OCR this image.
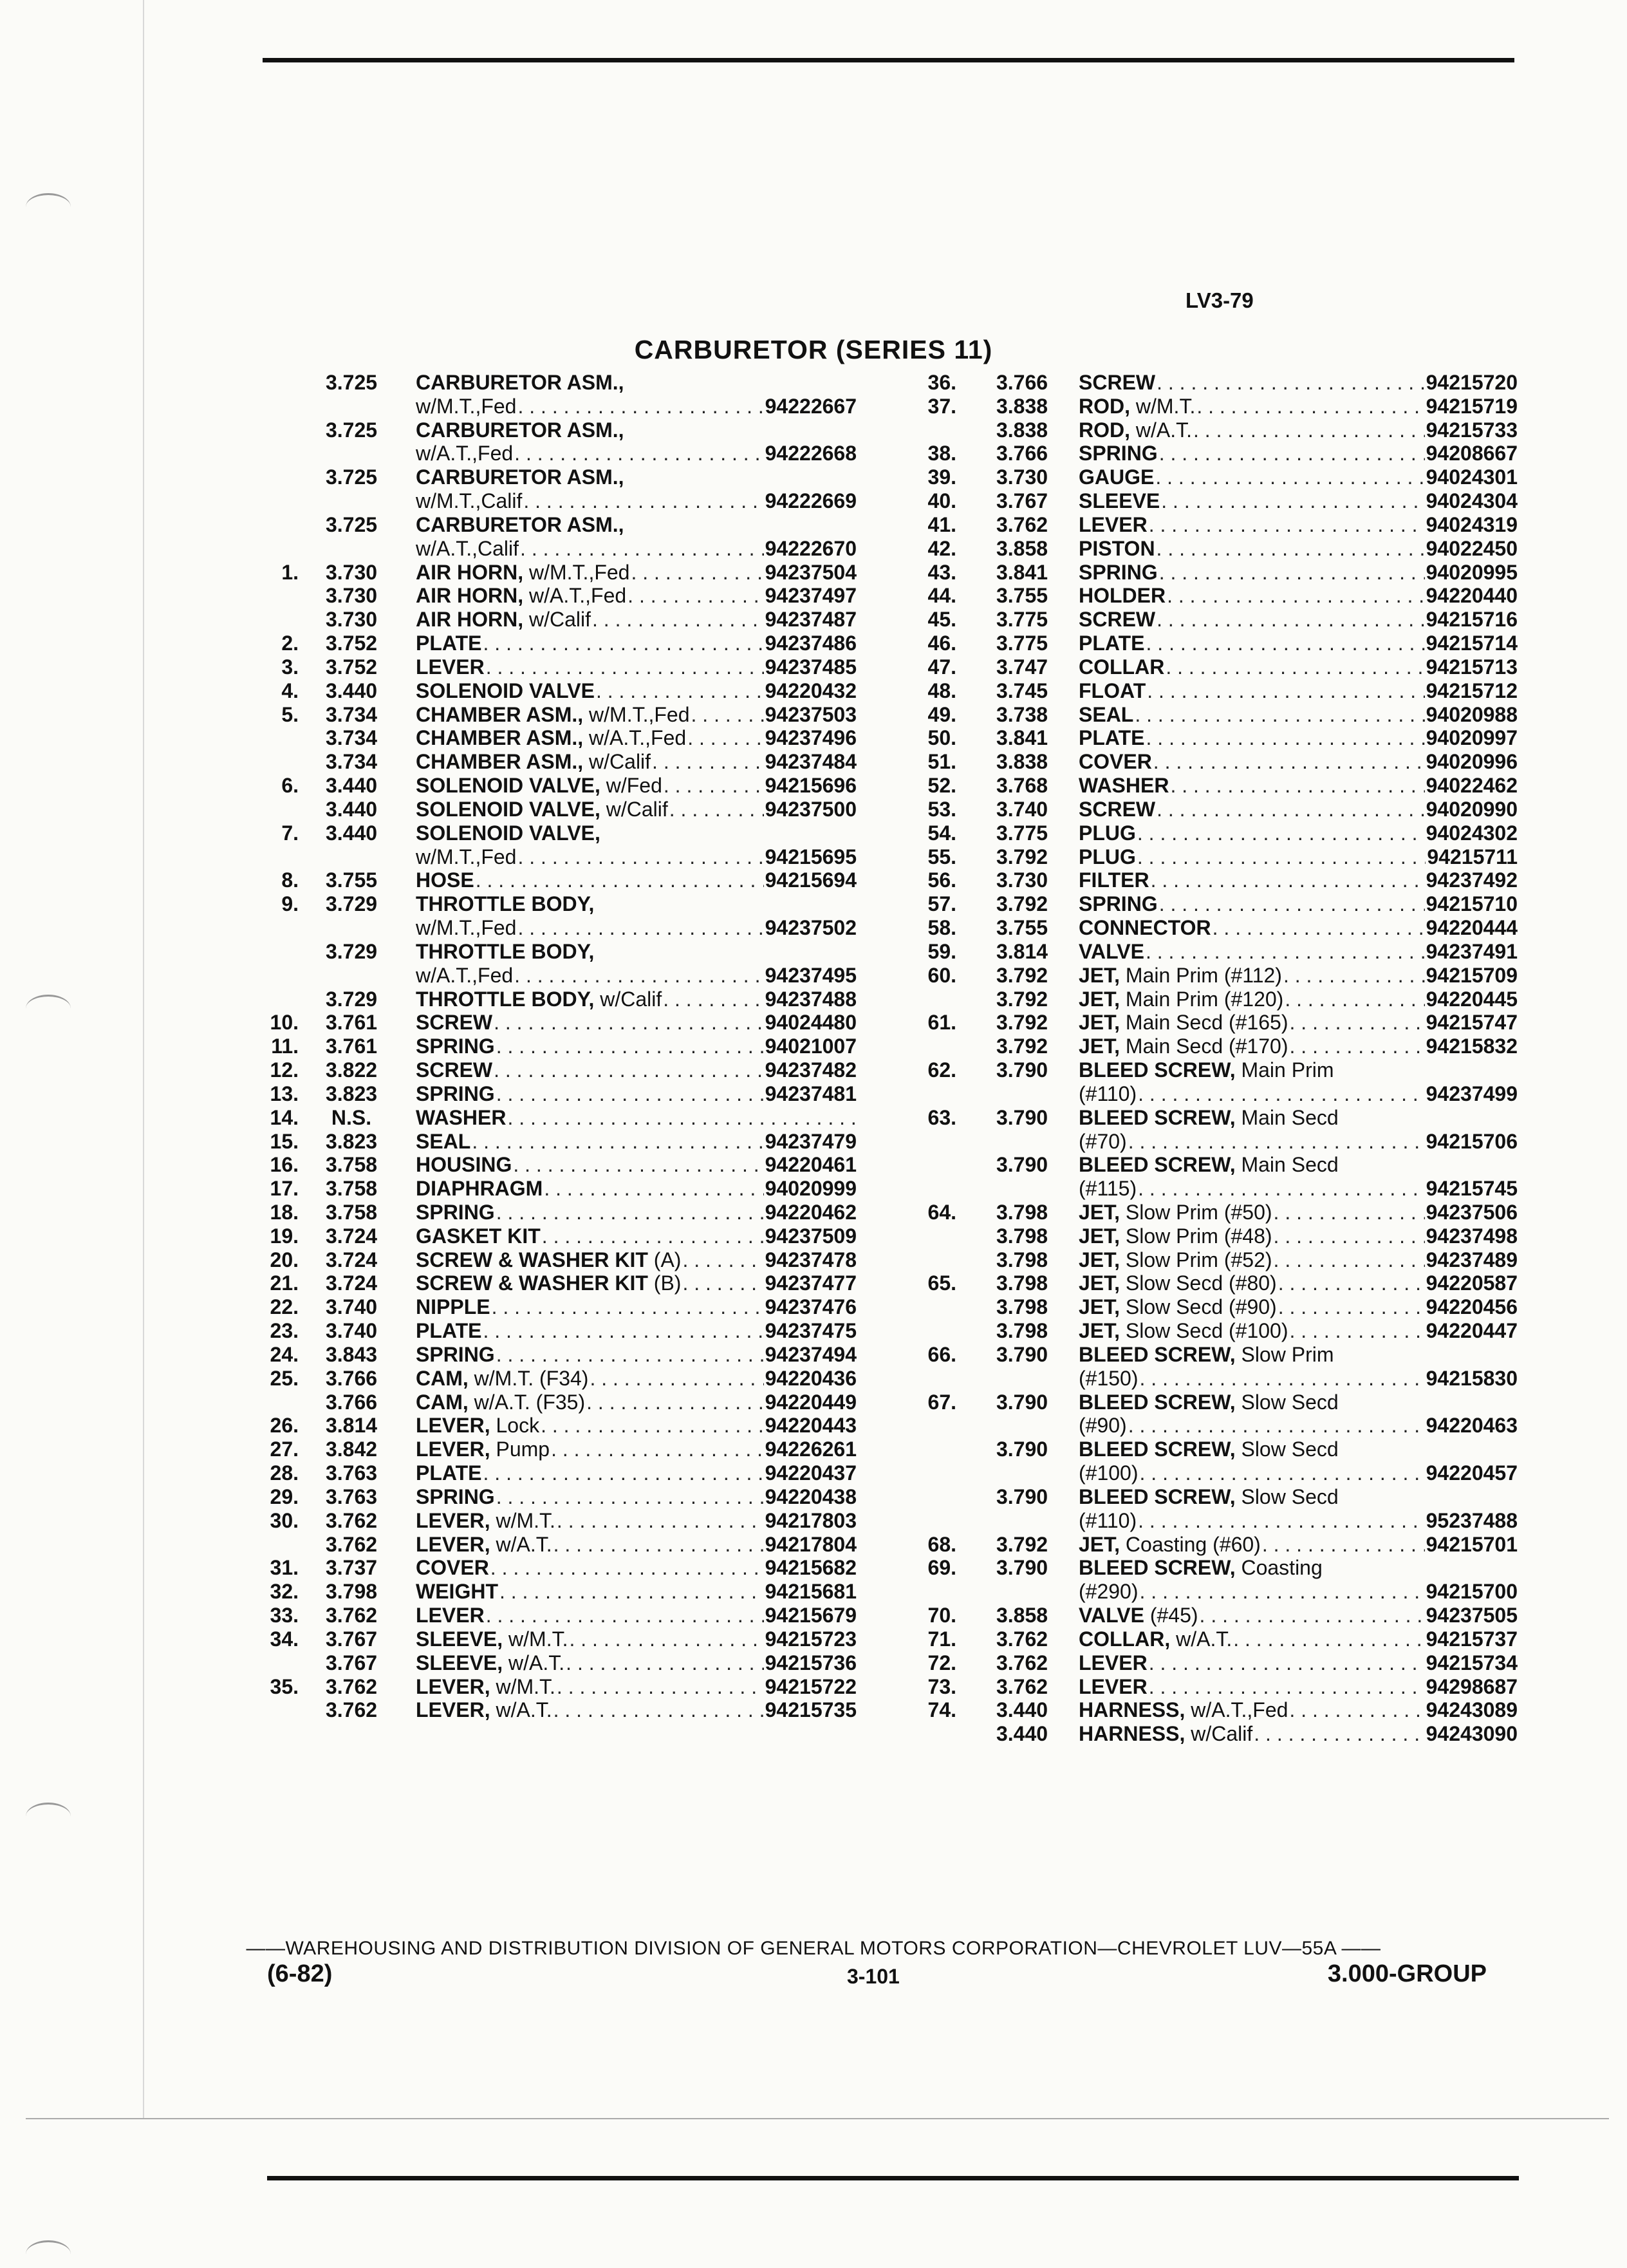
LV3-79
CARBURETOR (SERIES 11)
3.725	CARBURETOR ASM.,
w/M.T.,Fed . . .	94222667
3.725	CARBURETOR ASM.,
w/A.T.,Fed . . .	94222668
3.725	CARBURETOR ASM.,
w/M.T.,Calif . . .	94222669
3.725	CARBURETOR ASM.,
w/A.T.,Calif . . .	94222670
1.	3.730	AIR HORN, w/M.T.,Fed . . .	94237504
3.730	AIR HORN, w/A.T.,Fed . . .	94237497
3.730	AIR HORN, w/Calif . . .	94237487
2.	3.752	PLATE . . .	94237486
3.	3.752	LEVER . . .	94237485
4.	3.440	SOLENOID VALVE . . .	94220432
5.	3.734	CHAMBER ASM., w/M.T.,Fed . . .	94237503
3.734	CHAMBER ASM., w/A.T.,Fed . . .	94237496
3.734	CHAMBER ASM., w/Calif . . .	94237484
6.	3.440	SOLENOID VALVE, w/Fed . . .	94215696
3.440	SOLENOID VALVE, w/Calif . . .	94237500
7.	3.440	SOLENOID VALVE,
w/M.T.,Fed . . .	94215695
8.	3.755	HOSE . . .	94215694
9.	3.729	THROTTLE BODY,
w/M.T.,Fed . . .	94237502
3.729	THROTTLE BODY,
w/A.T.,Fed . . .	94237495
3.729	THROTTLE BODY, w/Calif . . .	94237488
10.	3.761	SCREW . . .	94024480
11.	3.761	SPRING . . .	94021007
12.	3.822	SCREW . . .	94237482
13.	3.823	SPRING . . .	94237481
14.	N.S.	WASHER
. . .
15.	3.823	SEAL . . .	94237479
16.	3.758	HOUSING . . .	94220461
17.	3.758	DIAPHRAGM . . .	94020999
18.	3.758	SPRING . . .	94220462
19.	3.724	GASKET KIT . . .	94237509
20.	3.724	SCREW & WASHER KIT (A) . . .	94237478
21.	3.724	SCREW & WASHER KIT (B) . . .	94237477
22.	3.740	NIPPLE . . .	94237476
23.	3.740	PLATE . . .	94237475
24.	3.843	SPRING . . .	94237494
25.	3.766	CAM, w/M.T. (F34) . . .	94220436
3.766	CAM, w/A.T. (F35) . . .	94220449
26.	3.814	LEVER, Lock . . .	94220443
27.	3.842	LEVER, Pump . . .	94226261
28.	3.763	PLATE . . .	94220437
29.	3.763	SPRING . . .	94220438
30.	3.762	LEVER, w/M.T. . . .	94217803
3.762	LEVER, w/A.T. . . .	94217804
31.	3.737	COVER . . .	94215682
32.	3.798	WEIGHT . . .	94215681
33.	3.762	LEVER . . .	94215679
34.	3.767	SLEEVE, w/M.T. . . .	94215723
3.767	SLEEVE, w/A.T. . . .	94215736
35.	3.762	LEVER, w/M.T. . . .	94215722
3.762	LEVER, w/A.T. . . .	94215735
36.	3.766	SCREW . . .	94215720
37.	3.838	ROD, w/M.T. . . .	94215719
3.838	ROD, w/A.T. . . .	94215733
38.	3.766	SPRING . . .	94208667
39.	3.730	GAUGE . . .	94024301
40.	3.767	SLEEVE . . .	94024304
41.	3.762	LEVER . . .	94024319
42.	3.858	PISTON . . .	94022450
43.	3.841	SPRING . . .	94020995
44.	3.755	HOLDER . . .	94220440
45.	3.775	SCREW . . .	94215716
46.	3.775	PLATE . . .	94215714
47.	3.747	COLLAR . . .	94215713
48.	3.745	FLOAT . . .	94215712
49.	3.738	SEAL . . .	94020988
50.	3.841	PLATE . . .	94020997
51.	3.838	COVER . . .	94020996
52.	3.768	WASHER . . .	94022462
53.	3.740	SCREW . . .	94020990
54.	3.775	PLUG . . .	94024302
55.	3.792	PLUG . . .	94215711
56.	3.730	FILTER . . .	94237492
57.	3.792	SPRING . . .	94215710
58.	3.755	CONNECTOR . . .	94220444
59.	3.814	VALVE . . .	94237491
60.	3.792	JET, Main Prim (#112) . . .	94215709
3.792	JET, Main Prim (#120) . . .	94220445
61.	3.792	JET, Main Secd (#165) . . .	94215747
3.792	JET, Main Secd (#170) . . .	94215832
62.	3.790	BLEED SCREW, Main Prim
(#110) . . .	94237499
63.	3.790	BLEED SCREW, Main Secd
(#70) . . .	94215706
3.790	BLEED SCREW, Main Secd
(#115) . . .	94215745
64.	3.798	JET, Slow Prim (#50) . . .	94237506
3.798	JET, Slow Prim (#48) . . .	94237498
3.798	JET, Slow Prim (#52) . . .	94237489
65.	3.798	JET, Slow Secd (#80) . . .	94220587
3.798	JET, Slow Secd (#90) . . .	94220456
3.798	JET, Slow Secd (#100) . . .	94220447
66.	3.790	BLEED SCREW, Slow Prim
(#150) . . .	94215830
67.	3.790	BLEED SCREW, Slow Secd
(#90) . . .	94220463
3.790	BLEED SCREW, Slow Secd
(#100) . . .	94220457
3.790	BLEED SCREW, Slow Secd
(#110) . . .	95237488
68.	3.792	JET, Coasting (#60) . . .	94215701
69.	3.790	BLEED SCREW, Coasting
(#290) . . .	94215700
70.	3.858	VALVE (#45) . . .	94237505
71.	3.762	COLLAR, w/A.T. . . .	94215737
72.	3.762	LEVER . . .	94215734
73.	3.762	LEVER . . .	94298687
74.	3.440	HARNESS, w/A.T.,Fed . . .	94243089
3.440	HARNESS, w/Calif . . .	94243090
——WAREHOUSING AND DISTRIBUTION DIVISION OF GENERAL MOTORS CORPORATION—CHEVROLET LUV—55A ——
(6-82)	3-101	3.000-GROUP
